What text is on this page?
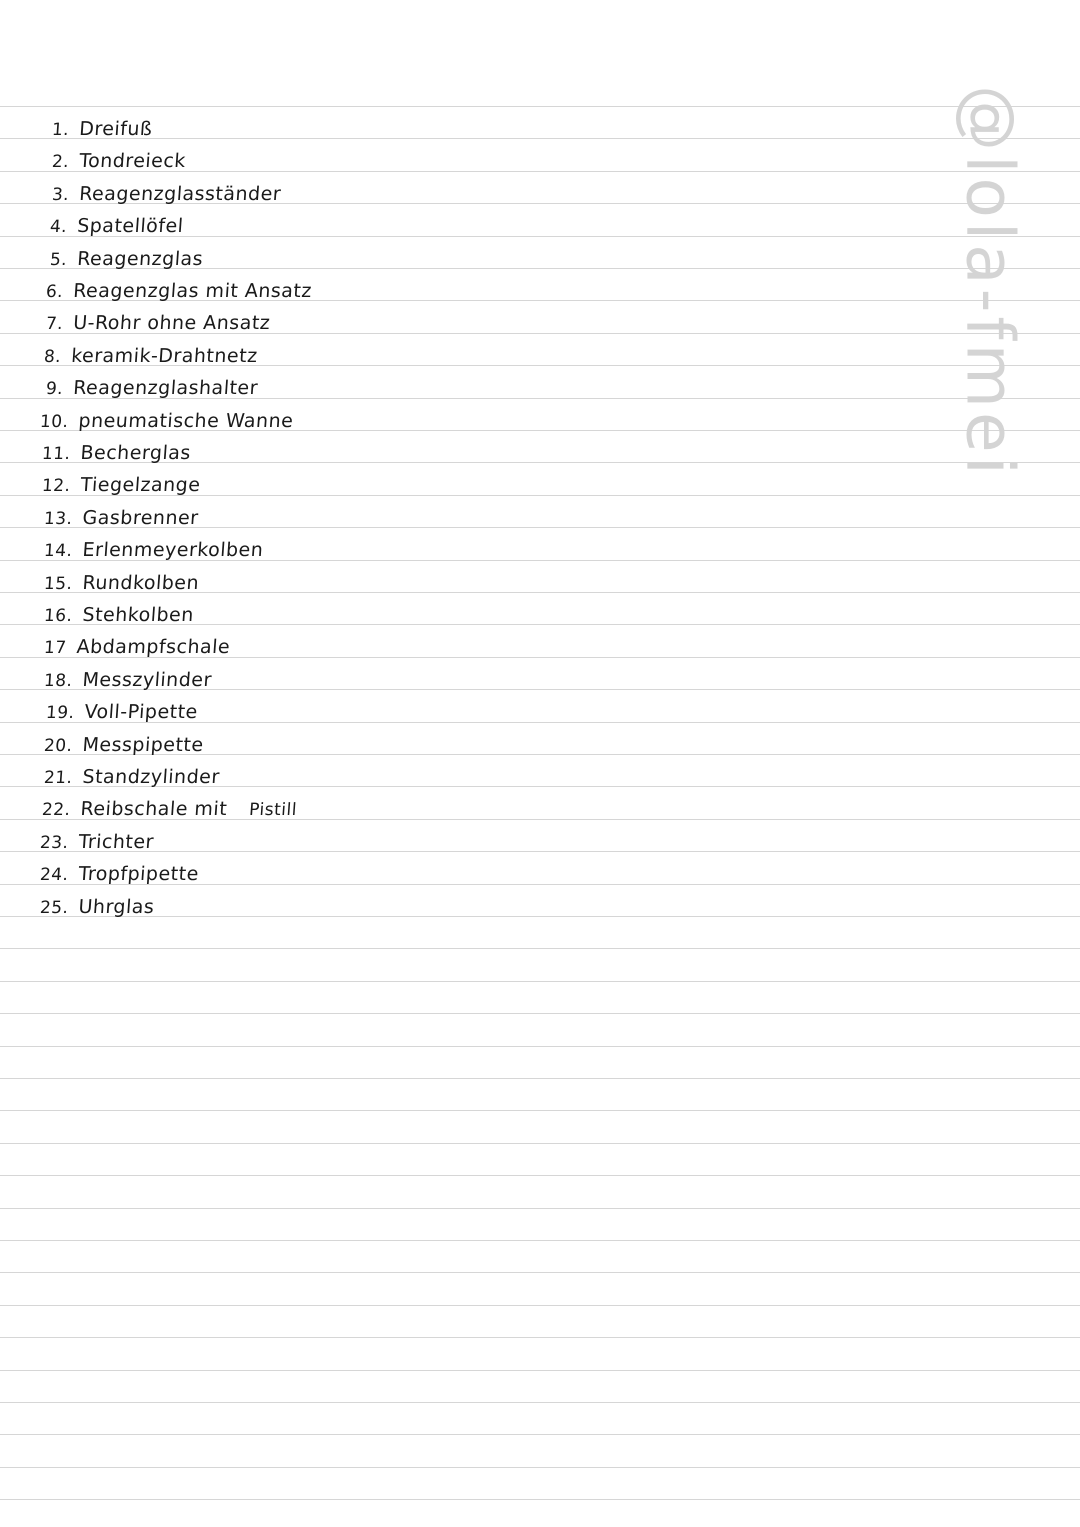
1. Dreifuß
2. Tondreieck
3. Reagenzglasständer
4. Spatellöfel
5. Reagenzglas
6. Reagenzglas mit Ansatz
7. U-Rohr ohne Ansatz
8. keramik-Drahtnetz
9. Reagenzglashalter
10. pneumatische Wanne
11. Becherglas
12. Tiegelzange
13. Gasbrenner
14. Erlenmeyerkolben
15. Rundkolben
16. Stehkolben
17 Abdampfschale
18. Messzylinder
19. Voll-Pipette
20. Messpipette
21. Standzylinder
22. Reibschale mit Pistill
23. Trichter
24. Tropfpipette
25. Uhrglas
@lola-fmei
